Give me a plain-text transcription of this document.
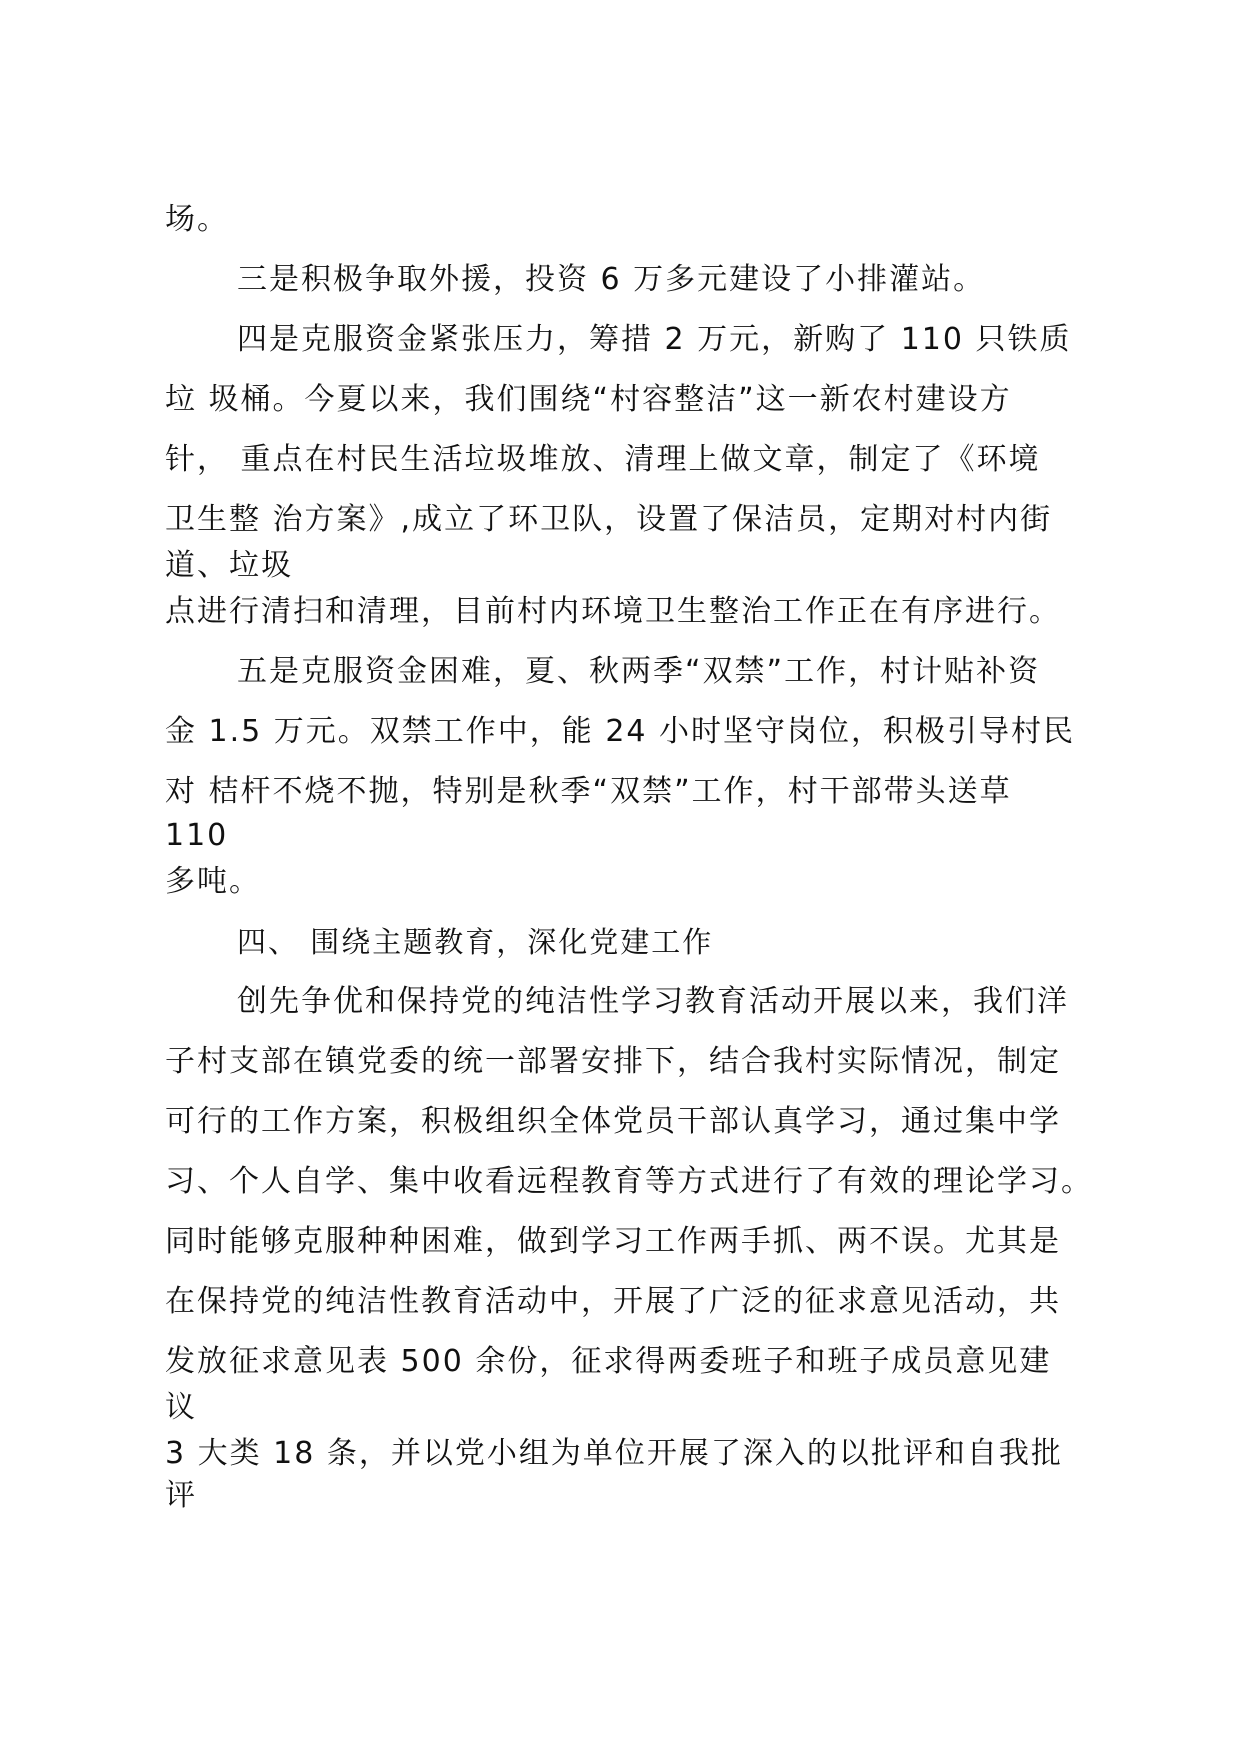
场。

三是积极争取外援，投资 6 万多元建设了小排灌站。

四是克服资金紧张压力，筹措 2 万元，新购了 110 只铁质

垃 圾桶。今夏以来，我们围绕“村容整洁”这一新农村建设方

针， 重点在村民生活垃圾堆放、清理上做文章，制定了《环境

卫生整 治方案》,成立了环卫队，设置了保洁员，定期对村内街

道、垃圾

点进行清扫和清理，目前村内环境卫生整治工作正在有序进行。

五是克服资金困难，夏、秋两季“双禁”工作，村计贴补资

金 1.5 万元。双禁工作中，能 24 小时坚守岗位，积极引导村民

对 桔杆不烧不抛，特别是秋季“双禁”工作，村干部带头送草

110

多吨。

四、 围绕主题教育，深化党建工作

创先争优和保持党的纯洁性学习教育活动开展以来，我们洋

子村支部在镇党委的统一部署安排下，结合我村实际情况，制定

可行的工作方案，积极组织全体党员干部认真学习，通过集中学

习、个人自学、集中收看远程教育等方式进行了有效的理论学习。

同时能够克服种种困难，做到学习工作两手抓、两不误。尤其是

在保持党的纯洁性教育活动中，开展了广泛的征求意见活动，共

发放征求意见表 500 余份，征求得两委班子和班子成员意见建

议

3 大类 18 条，并以党小组为单位开展了深入的以批评和自我批

评
